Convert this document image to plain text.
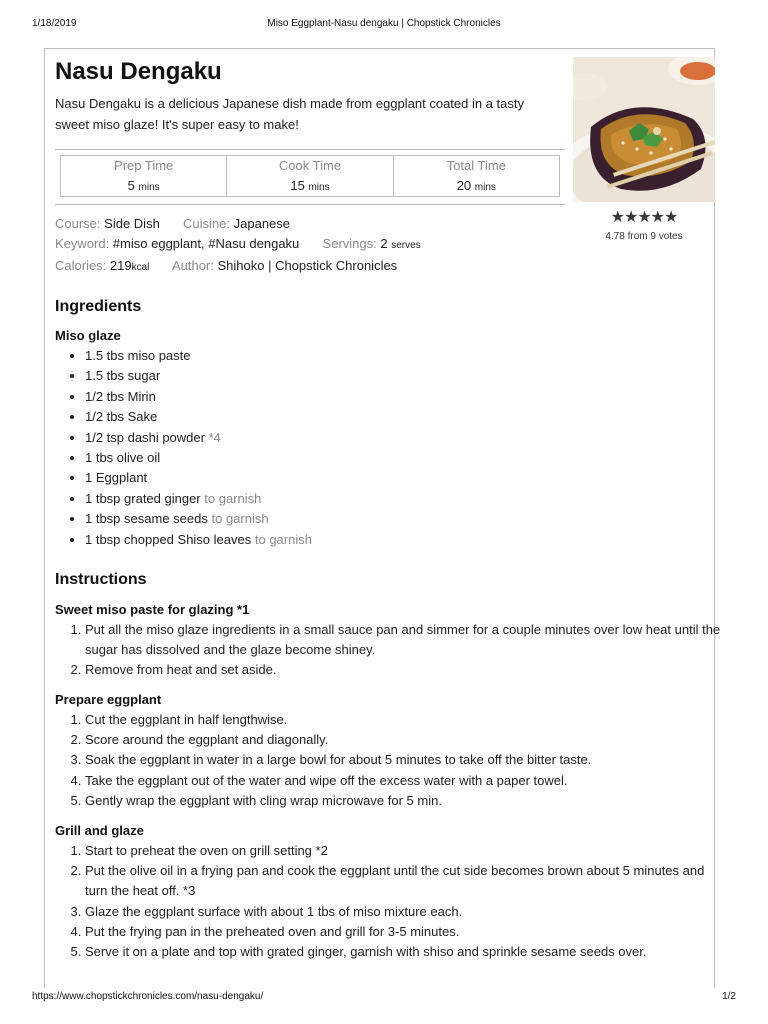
1/18/2019	Miso Eggplant-Nasu dengaku | Chopstick Chronicles
Nasu Dengaku
Nasu Dengaku is a delicious Japanese dish made from eggplant coated in a tasty sweet miso glaze! It's super easy to make!
Prep Time
5 mins
Cook Time
15 mins
Total Time
20 mins
Course: Side Dish Cuisine: Japanese
Keyword: #miso eggplant, #Nasu dengaku Servings: 2 serves
Calories: 219kcal Author: Shihoko | Chopstick Chronicles
★★★★★
4.78 from 9 votes
Ingredients
Miso glaze
• 1.5 tbs miso paste
• 1.5 tbs sugar
• 1/2 tbs Mirin
• 1/2 tbs Sake
• 1/2 tsp dashi powder *4
• 1 tbs olive oil
• 1 Eggplant
• 1 tbsp grated ginger to garnish
• 1 tbsp sesame seeds to garnish
• 1 tbsp chopped Shiso leaves to garnish
Instructions
Sweet miso paste for glazing *1
1. Put all the miso glaze ingredients in a small sauce pan and simmer for a couple minutes over low heat until the sugar has dissolved and the glaze become shiney.
2. Remove from heat and set aside.
Prepare eggplant
1. Cut the eggplant in half lengthwise.
2. Score around the eggplant and diagonally.
3. Soak the eggplant in water in a large bowl for about 5 minutes to take off the bitter taste.
4. Take the eggplant out of the water and wipe off the excess water with a paper towel.
5. Gently wrap the eggplant with cling wrap microwave for 5 min.
Grill and glaze
1. Start to preheat the oven on grill setting *2
2. Put the olive oil in a frying pan and cook the eggplant until the cut side becomes brown about 5 minutes and turn the heat off. *3
3. Glaze the eggplant surface with about 1 tbs of miso mixture each.
4. Put the frying pan in the preheated oven and grill for 3-5 minutes.
5. Serve it on a plate and top with grated ginger, garnish with shiso and sprinkle sesame seeds over.
https://www.chopstickchronicles.com/nasu-dengaku/	1/2
